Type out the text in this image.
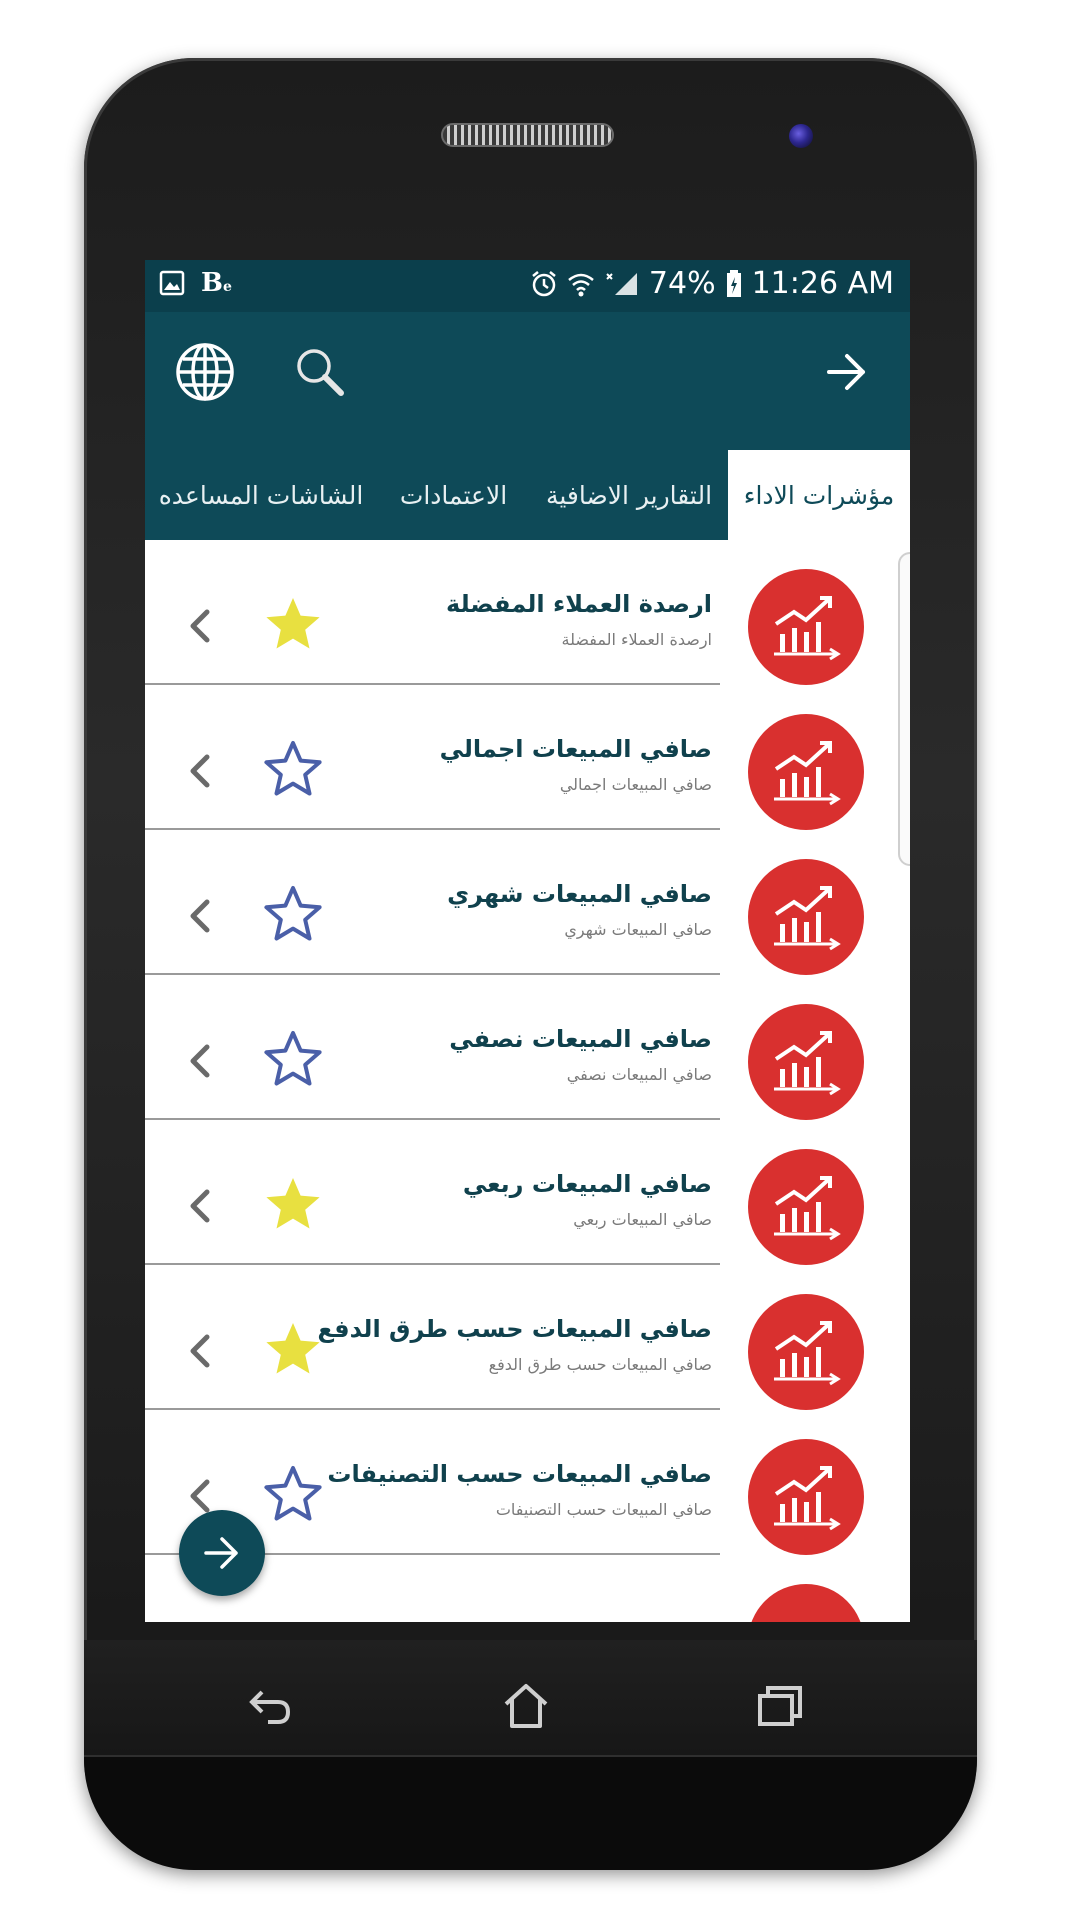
Be	74% 11:26 AM
مؤشرات الاداء
التقارير الاضافية
الاعتمادات
الشاشات المساعده
ارصدة العملاء المفضلة
ارصدة العملاء المفضلة
صافي المبيعات اجمالي
صافي المبيعات اجمالي
صافي المبيعات شهري
صافي المبيعات شهري
صافي المبيعات نصفي
صافي المبيعات نصفي
صافي المبيعات ربعي
صافي المبيعات ربعي
صافي المبيعات حسب طرق الدفع
صافي المبيعات حسب طرق الدفع
صافي المبيعات حسب التصنيفات
صافي المبيعات حسب التصنيفات
